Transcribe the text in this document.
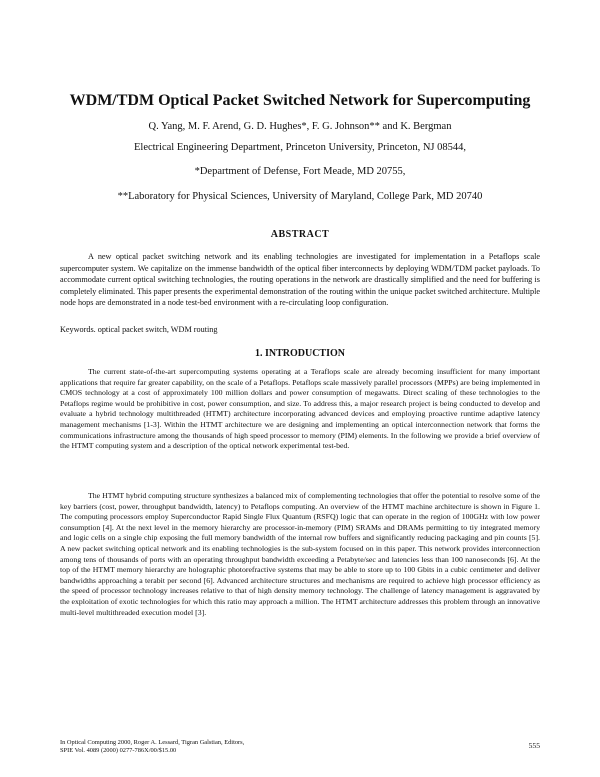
WDM/TDM Optical Packet Switched Network for Supercomputing
Q. Yang, M. F. Arend, G. D. Hughes*, F. G. Johnson** and K. Bergman
Electrical Engineering Department, Princeton University, Princeton, NJ 08544,
*Department of Defense, Fort Meade, MD 20755,
**Laboratory for Physical Sciences, University of Maryland, College Park, MD 20740
ABSTRACT
A new optical packet switching network and its enabling technologies are investigated for implementation in a Petaflops scale supercomputer system. We capitalize on the immense bandwidth of the optical fiber interconnects by deploying WDM/TDM packet payloads. To accommodate current optical switching technologies, the routing operations in the network are drastically simplified and the need for buffering is completely eliminated. This paper presents the experimental demonstration of the routing within the unique packet switched architecture. Multiple node hops are demonstrated in a node test-bed environment with a re-circulating loop configuration.
Keywords. optical packet switch, WDM routing
1. INTRODUCTION
The current state-of-the-art supercomputing systems operating at a Teraflops scale are already becoming insufficient for many important applications that require far greater capability, on the scale of a Petaflops. Petaflops scale massively parallel processors (MPPs) are being implemented in CMOS technology at a cost of approximately 100 million dollars and power consumption of megawatts. Direct scaling of these technologies to the Petaflops regime would be prohibitive in cost, power consumption, and size. To address this, a major research project is being conducted to develop and evaluate a hybrid technology multithreaded (HTMT) architecture incorporating advanced devices and employing proactive runtime adaptive latency management mechanisms [1-3]. Within the HTMT architecture we are designing and implementing an optical interconnection network that forms the communications infrastructure among the thousands of high speed processor to memory (PIM) elements. In the following we provide a brief overview of the HTMT computing system and a description of the optical network experimental test-bed.
The HTMT hybrid computing structure synthesizes a balanced mix of complementing technologies that offer the potential to resolve some of the key barriers (cost, power, throughput bandwidth, latency) to Petaflops computing. An overview of the HTMT machine architecture is shown in Figure 1. The computing processors employ Superconductor Rapid Single Flux Quantum (RSFQ) logic that can operate in the region of 100GHz with low power consumption [4]. At the next level in the memory hierarchy are processor-in-memory (PIM) SRAMs and DRAMs permitting to tiy integrated memory and logic cells on a single chip exposing the full memory bandwidth of the internal row buffers and significantly reducing packaging and pin counts [5]. A new packet switching optical network and its enabling technologies is the sub-system focused on in this paper. This network provides interconnection among tens of thousands of ports with an operating throughput bandwidth exceeding a Petabyte/sec and latencies less than 100 nanoseconds [6]. At the top of the HTMT memory hierarchy are holographic photorefractive systems that may be able to store up to 100 Gbits in a cubic centimeter and deliver bandwidths approaching a terabit per second [6]. Advanced architecture structures and mechanisms are required to achieve high processor efficiency as the speed of processor technology increases relative to that of high density memory technology. The challenge of latency management is aggravated by the exploitation of exotic technologies for which this ratio may approach a million. The HTMT architecture addresses this problem through an innovative multi-level multithreaded execution model [3].
In Optical Computing 2000, Roger A. Lessard, Tigran Galstian, Editors,
SPIE Vol. 4089 (2000) 0277-786X/00/$15.00
555
